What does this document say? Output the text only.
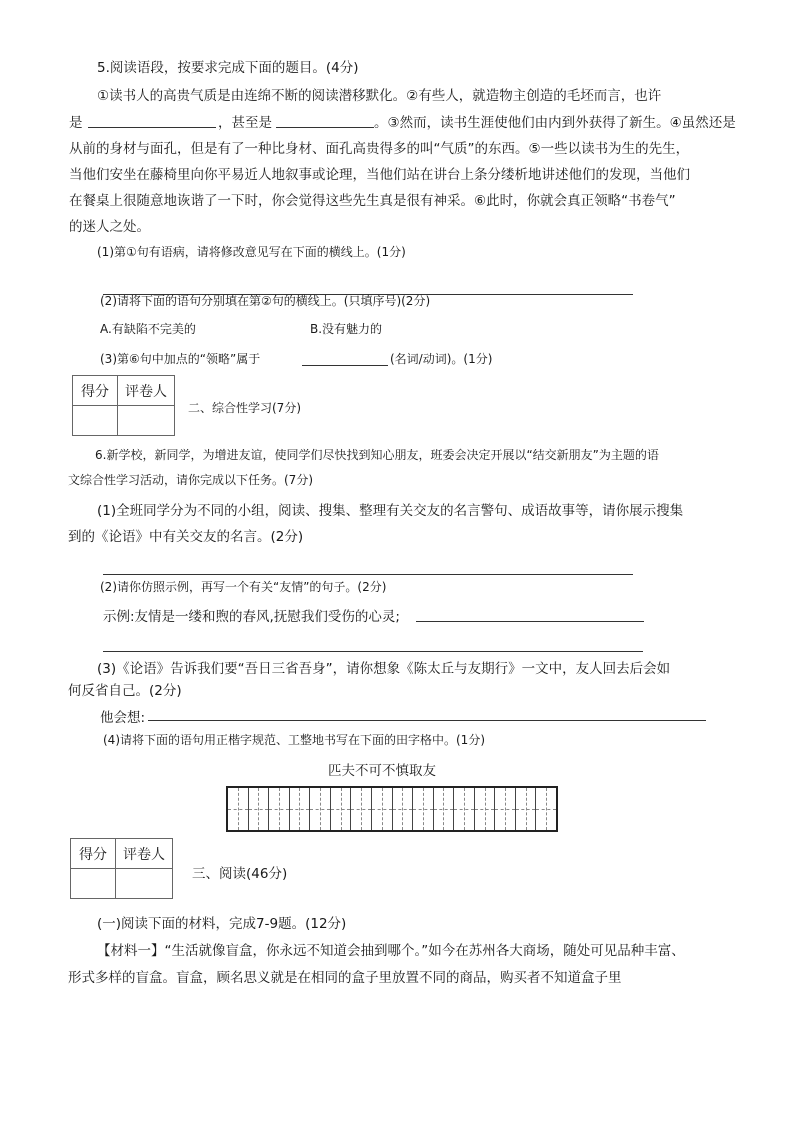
5.阅读语段，按要求完成下面的题目。(4分)
①读书人的高贵气质是由连绵不断的阅读潜移默化。②有些人，就造物主创造的毛坯而言，也许
是	，甚至是	。③然而，读书生涯使他们由内到外获得了新生。④虽然还是
从前的身材与面孔，但是有了一种比身材、面孔高贵得多的叫“气质”的东西。⑤一些以读书为生的先生，
当他们安坐在藤椅里向你平易近人地叙事或论理，当他们站在讲台上条分缕析地讲述他们的发现，当他们
在餐桌上很随意地诙谐了一下时，你会觉得这些先生真是很有神采。⑥此时，你就会真正领略“书卷气”
的迷人之处。
(1)第①句有语病，请将修改意见写在下面的横线上。(1分)
(2)请将下面的语句分别填在第②句的横线上。(只填序号)(2分)
A.有缺陷不完美的	B.没有魅力的
(3)第⑥句中加点的“领略”属于	(名词/动词)。(1分)
得分	评卷人

二、综合性学习(7分)
6.新学校，新同学，为增进友谊，使同学们尽快找到知心朋友，班委会决定开展以“结交新朋友”为主题的语
文综合性学习活动，请你完成以下任务。(7分)
(1)全班同学分为不同的小组，阅读、搜集、整理有关交友的名言警句、成语故事等，请你展示搜集
到的《论语》中有关交友的名言。(2分)
(2)请你仿照示例，再写一个有关“友情”的句子。(2分)
示例:友情是一缕和煦的春风,抚慰我们受伤的心灵;
(3)《论语》告诉我们要“吾日三省吾身”，请你想象《陈太丘与友期行》一文中，友人回去后会如
何反省自己。(2分)
他会想:
(4)请将下面的语句用正楷字规范、工整地书写在下面的田字格中。(1分)
匹夫不可不慎取友
得分	评卷人

三、阅读(46分)
(一)阅读下面的材料，完成7-9题。(12分)
【材料一】“生活就像盲盒，你永远不知道会抽到哪个。”如今在苏州各大商场，随处可见品种丰富、
形式多样的盲盒。盲盒，顾名思义就是在相同的盒子里放置不同的商品，购买者不知道盒子里
